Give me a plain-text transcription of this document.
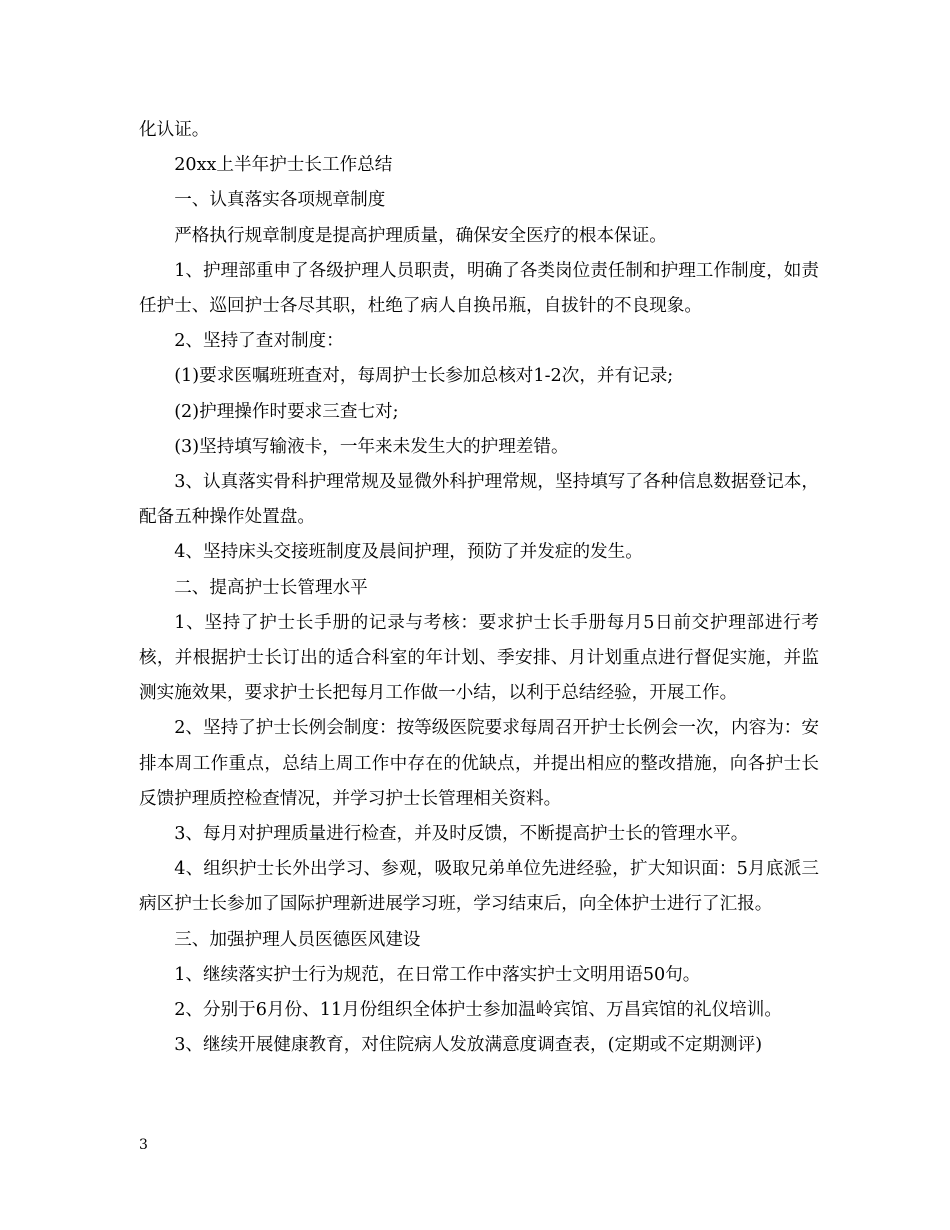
化认证。

20xx上半年护士长工作总结

一、认真落实各项规章制度

严格执行规章制度是提高护理质量，确保安全医疗的根本保证。

1、护理部重申了各级护理人员职责，明确了各类岗位责任制和护理工作制度，如责任护士、巡回护士各尽其职，杜绝了病人自换吊瓶，自拔针的不良现象。

2、坚持了查对制度：

(1)要求医嘱班班查对，每周护士长参加总核对1-2次，并有记录;

(2)护理操作时要求三查七对;

(3)坚持填写输液卡，一年来未发生大的护理差错。

3、认真落实骨科护理常规及显微外科护理常规，坚持填写了各种信息数据登记本，配备五种操作处置盘。

4、坚持床头交接班制度及晨间护理，预防了并发症的发生。

二、提高护士长管理水平

1、坚持了护士长手册的记录与考核：要求护士长手册每月5日前交护理部进行考核，并根据护士长订出的适合科室的年计划、季安排、月计划重点进行督促实施，并监测实施效果，要求护士长把每月工作做一小结，以利于总结经验，开展工作。

2、坚持了护士长例会制度：按等级医院要求每周召开护士长例会一次，内容为：安排本周工作重点，总结上周工作中存在的优缺点，并提出相应的整改措施，向各护士长反馈护理质控检查情况，并学习护士长管理相关资料。

3、每月对护理质量进行检查，并及时反馈，不断提高护士长的管理水平。

4、组织护士长外出学习、参观，吸取兄弟单位先进经验，扩大知识面：5月底派三病区护士长参加了国际护理新进展学习班，学习结束后，向全体护士进行了汇报。

三、加强护理人员医德医风建设

1、继续落实护士行为规范，在日常工作中落实护士文明用语50句。

2、分别于6月份、11月份组织全体护士参加温岭宾馆、万昌宾馆的礼仪培训。

3、继续开展健康教育，对住院病人发放满意度调查表，(定期或不定期测评)

3
